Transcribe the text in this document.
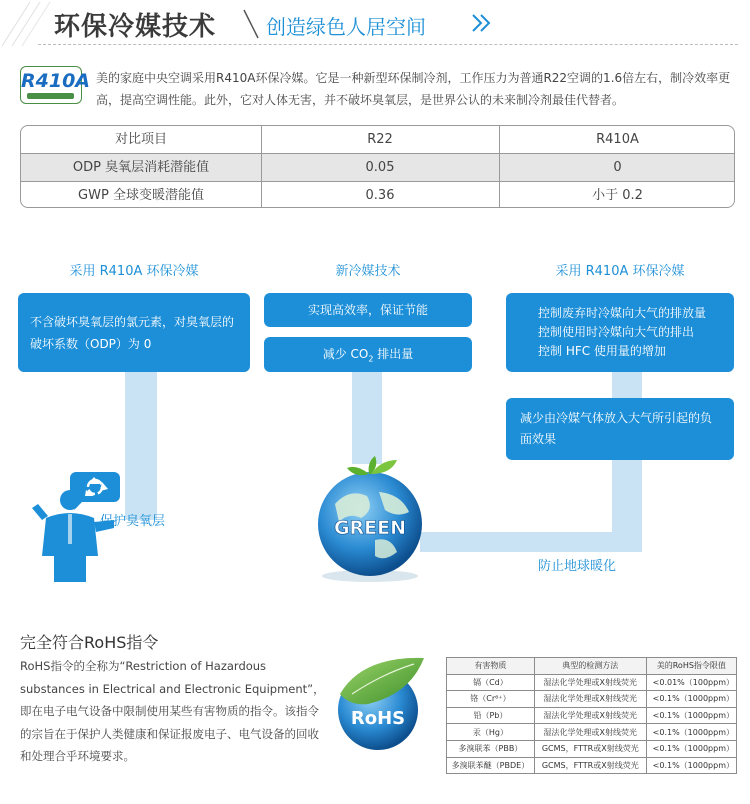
环保冷媒技术 创造绿色人居空间
R410A 美的家庭中央空调采用R410A环保冷媒。它是一种新型环保制冷剂，工作压力为普通R22空调的1.6倍左右，制冷效率更高，提高空调性能。此外，它对人体无害，并不破坏臭氧层，是世界公认的未来制冷剂最佳代替者。
对比项目	R22	R410A
ODP 臭氧层消耗潜能值	0.05	0
GWP 全球变暖潜能值	0.36	小于 0.2
采用 R410A 环保冷媒
不含破坏臭氧层的氯元素，对臭氧层的破坏系数（ODP）为 0
保护臭氧层
新冷媒技术
实现高效率，保证节能
减少 $CO_2$ 排出量
GREEN
采用 R410A 环保冷媒
控制废弃时冷媒向大气的排放量
控制使用时冷媒向大气的排出
控制 HFC 使用量的增加
减少由冷媒气体放入大气所引起的负面效果
防止地球暖化
完全符合RoHS指令
RoHS指令的全称为“Restriction of Hazardous substances in Electrical and Electronic Equipment”，即在电子电气设备中限制使用某些有害物质的指令。该指令的宗旨在于保护人类健康和保证报废电子、电气设备的回收和处理合乎环境要求。
RoHS
有害物质	典型的检测方法	美的RoHS指令限值
镉（Cd）	湿法化学处理或X射线荧光	<0.01%（100ppm）
铬（Cr⁶⁺）	湿法化学处理或X射线荧光	<0.1%（1000ppm）
铅（Pb）	湿法化学处理或X射线荧光	<0.1%（1000ppm）
汞（Hg）	湿法化学处理或X射线荧光	<0.1%（1000ppm）
多溴联苯（PBB）	GCMS，FTTR或X射线荧光	<0.1%（1000ppm）
多溴联苯醚（PBDE）	GCMS，FTTR或X射线荧光	<0.1%（1000ppm）
